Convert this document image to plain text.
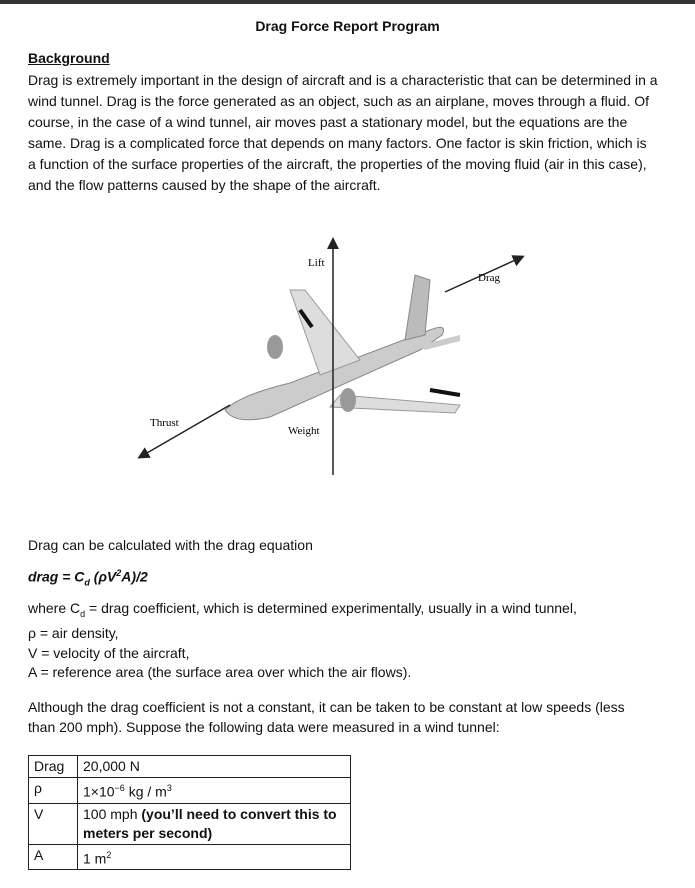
Drag Force Report Program
Background
Drag is extremely important in the design of aircraft and is a characteristic that can be determined in a wind tunnel. Drag is the force generated as an object, such as an airplane, moves through a fluid. Of course, in the case of a wind tunnel, air moves past a stationary model, but the equations are the same. Drag is a complicated force that depends on many factors. One factor is skin friction, which is a function of the surface properties of the aircraft, the properties of the moving fluid (air in this case), and the flow patterns caused by the shape of the aircraft.
Lift
Drag
Thrust
Weight
Drag can be calculated with the drag equation
drag = $C_d$ $(\rho V^2A)/2$
where $C_d$ = drag coefficient, which is determined experimentally, usually in a wind tunnel,
ρ = air density,
V = velocity of the aircraft,
A = reference area (the surface area over which the air flows).
Although the drag coefficient is not a constant, it can be taken to be constant at low speeds (less than 200 mph). Suppose the following data were measured in a wind tunnel:
Drag	20,000 N
ρ	$1\times 10^{-6}$ kg / $m^3$
V	100 mph (you’ll need to convert this to meters per second)
A	1 $m^2$
